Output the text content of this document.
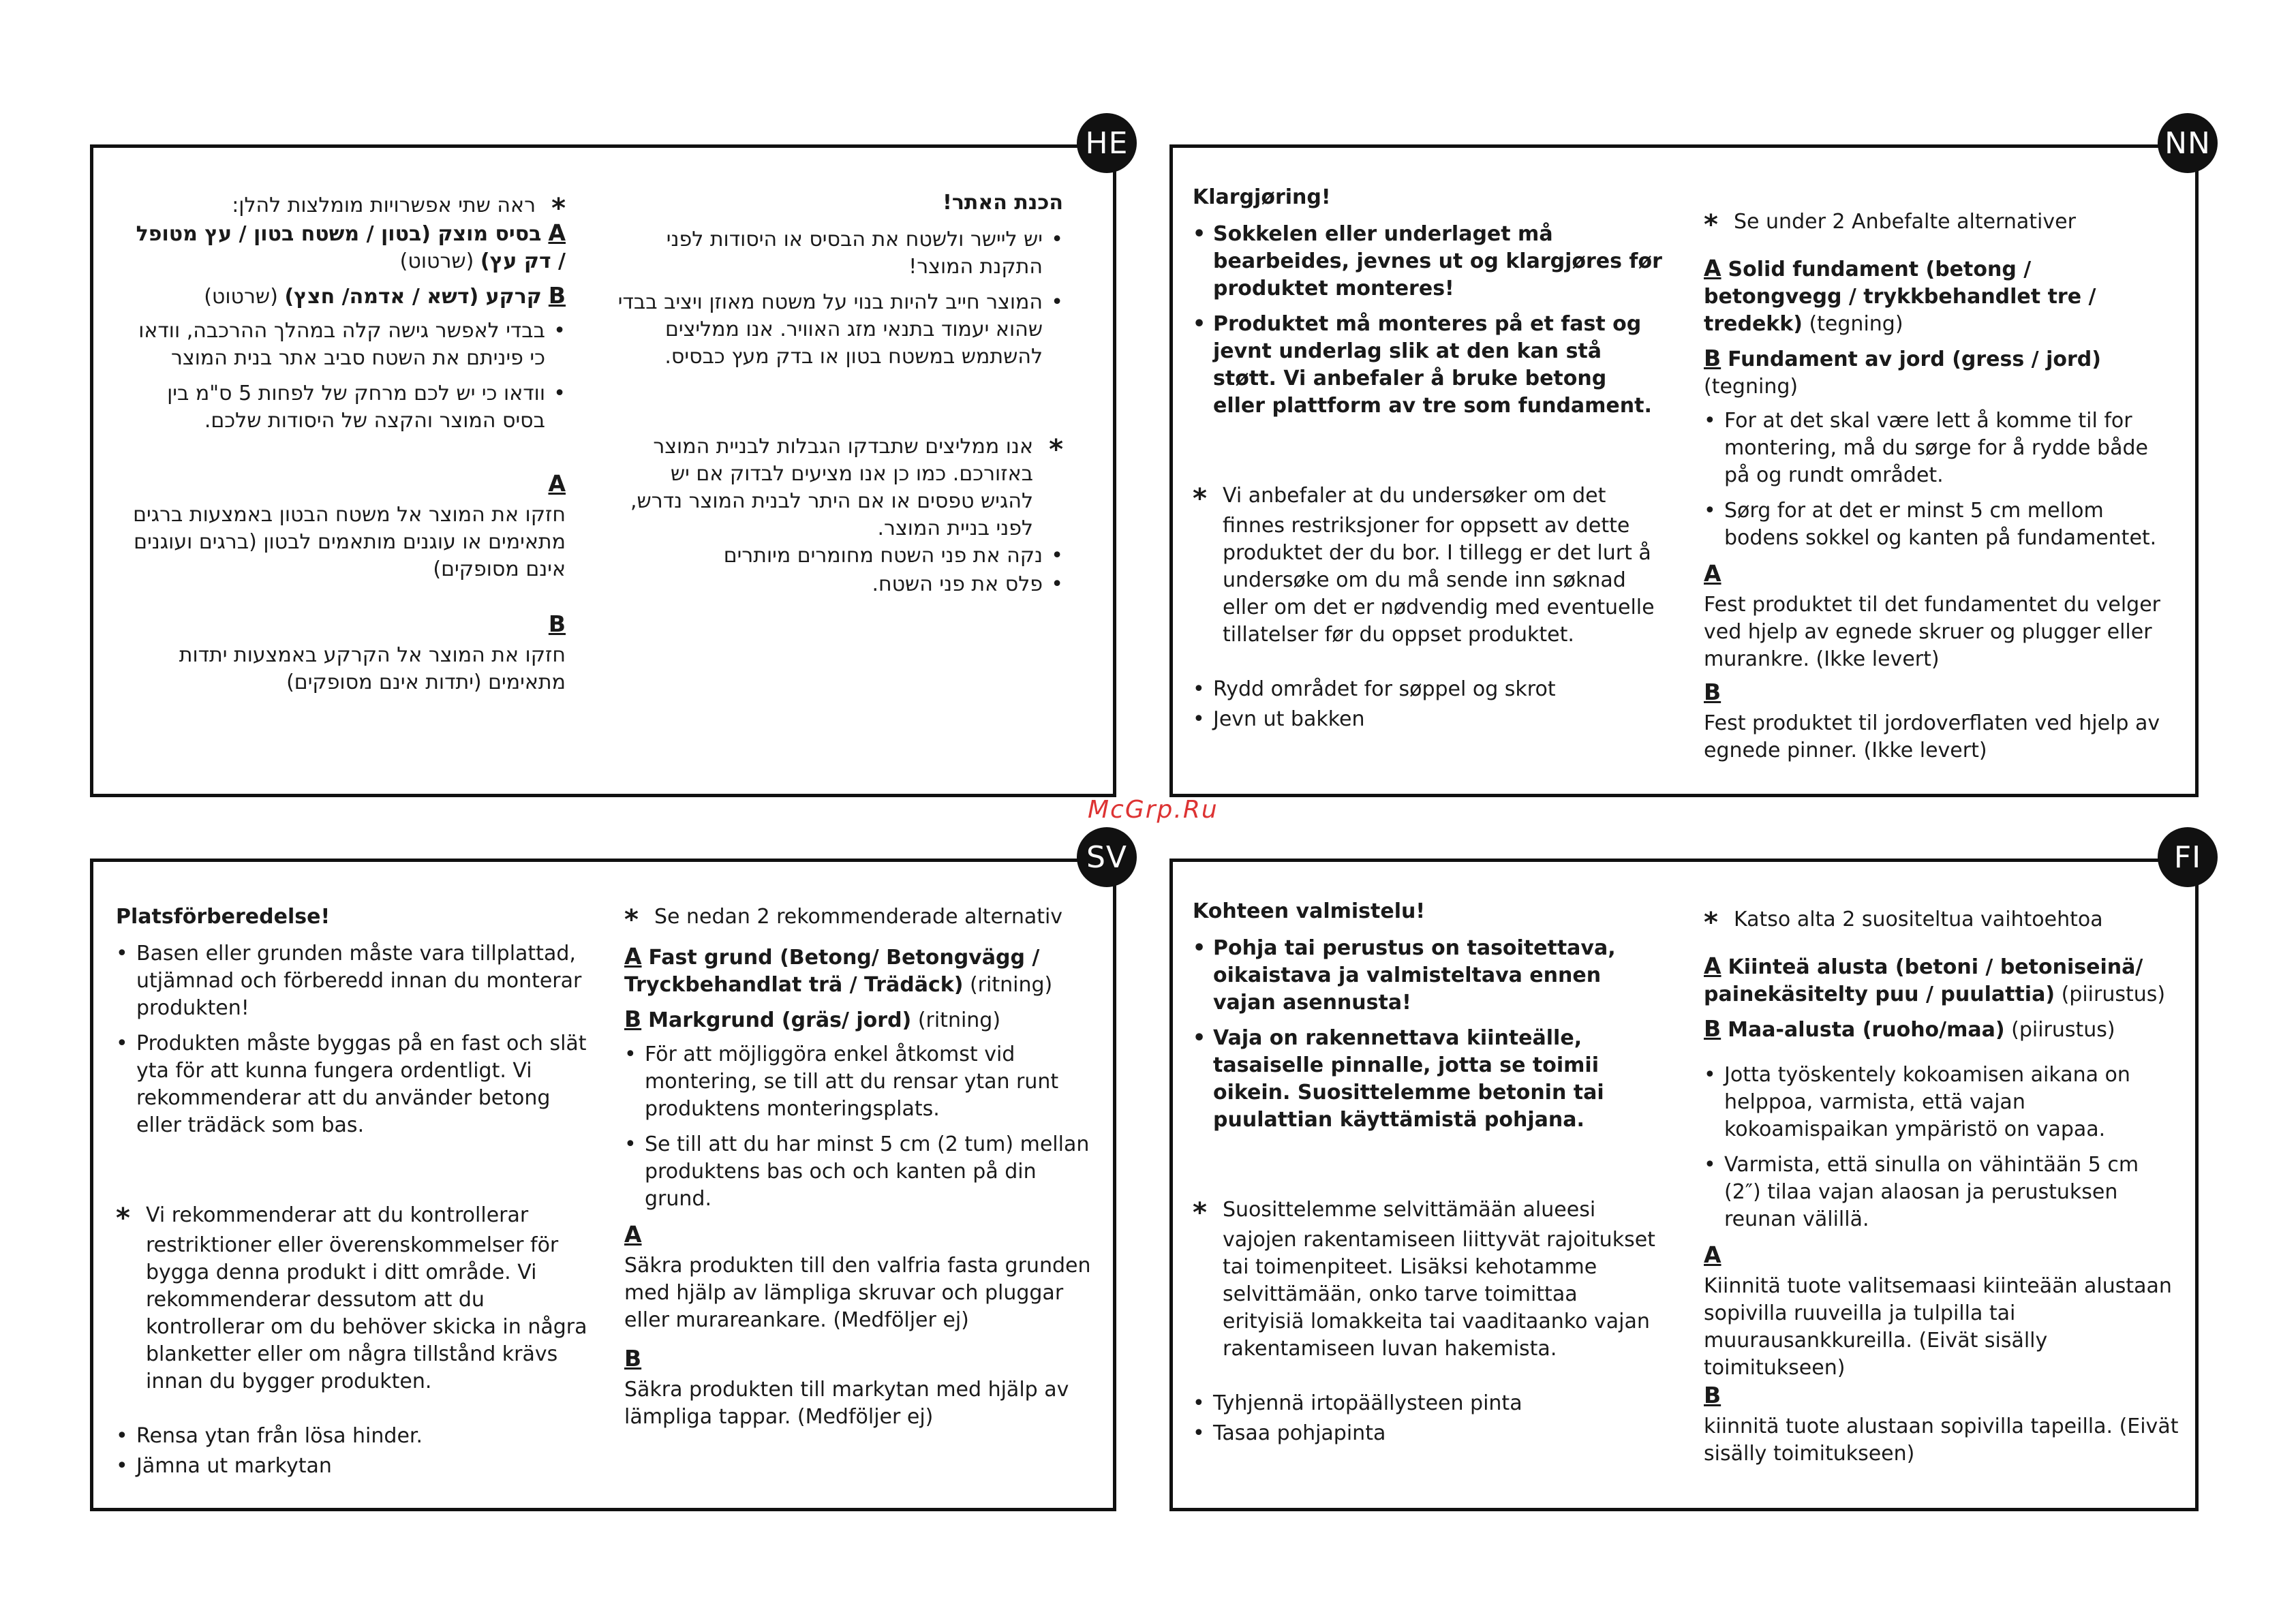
HE

*
ראה שתי אפשרויות מומלצות להלן:

Aבסיס מוצק (בטון / משטח בטון / עץ מטופל / דק עץ) (שרטוט)

Bקרקע (דשא / אדמה/ חצץ) (שרטוט)

•
בבדי לאפשר גישה קלה במהלך ההרכבה, וודאו כי פיניתם את השטח סביב אתר בנית המוצר

•
וודאו כי יש לכם מרחק של לפחות 5 ס"מ בין בסיס המוצר והקצה של היסודות שלכם.

A

חזקו את המוצר אל משטח הבטון באמצעות ברגים מתאימים או עוגנים מותאמים לבטון (ברגים ועוגנים אינם מסופקים)

B

חזקו את המוצר אל הקרקע באמצעות יתדות מתאימים (יתדות אינם מסופקים)

הכנת האתר!

•
יש ליישר ולשטח את הבסיס או היסודות לפני התקנת המוצר!

•
המוצר חייב להיות בנוי על משטח מאוזן ויציב בבדי שהוא יעמוד בתנאי מזג האוויר. אנו ממליצים להשתמש במשטח בטון או בדק מעץ כבסיס.

*
אנו ממליצים שתבדקו הגבלות לבניית המוצר באזורכם. כמו כן אנו מציעים לבדוק אם יש להגיש טפסים או אם היתר לבנית המוצר נדרש, לפני בניית המוצר.

•
נקה את פני השטח מחומרים מיותרים

•
פלס את פני השטח.

NN

Klargjøring!

• Sokkelen eller underlaget må bearbeides, jevnes ut og klargjøres før produktet monteres!

• Produktet må monteres på et fast og jevnt underlag slik at den kan stå støtt. Vi anbefaler å bruke betong eller plattform av tre som fundament.

* Vi anbefaler at du undersøker om det finnes restriksjoner for oppsett av dette produktet der du bor. I tillegg er det lurt å undersøke om du må sende inn søknad eller om det er nødvendig med eventuelle tillatelser før du oppset produktet.

• Rydd området for søppel og skrot

• Jevn ut bakken

* Se under 2 Anbefalte alternativer

A Solid fundament (betong / betongvegg / trykkbehandlet tre / tredekk) (tegning)

B Fundament av jord (gress / jord) (tegning)

• For at det skal være lett å komme til for montering, må du sørge for å rydde både på og rundt området.

• Sørg for at det er minst 5 cm mellom bodens sokkel og kanten på fundamentet.

A

Fest produktet til det fundamentet du velger ved hjelp av egnede skruer og plugger eller murankre. (Ikke levert)

B

Fest produktet til jordoverflaten ved hjelp av egnede pinner. (Ikke levert)

McGrp.Ru
SV

Platsförberedelse!

• Basen eller grunden måste vara tillplattad, utjämnad och förberedd innan du monterar produkten!

• Produkten måste byggas på en fast och slät yta för att kunna fungera ordentligt. Vi rekommenderar att du använder betong eller trädäck som bas.

* Vi rekommenderar att du kontrollerar restriktioner eller överenskommelser för bygga denna produkt i ditt område. Vi rekommenderar dessutom att du kontrollerar om du behöver skicka in några blanketter eller om några tillstånd krävs innan du bygger produkten.

• Rensa ytan från lösa hinder.

• Jämna ut markytan

* Se nedan 2 rekommenderade alternativ

A Fast grund (Betong/ Betongvägg / Tryckbehandlat trä / Trädäck) (ritning)

B Markgrund (gräs/ jord) (ritning)

• För att möjliggöra enkel åtkomst vid montering, se till att du rensar ytan runt produktens monteringsplats.

• Se till att du har minst 5 cm (2 tum) mellan produktens bas och och kanten på din grund.

A

Säkra produkten till den valfria fasta grunden med hjälp av lämpliga skruvar och pluggar eller murareankare. (Medföljer ej)

B

Säkra produkten till markytan med hjälp av lämpliga tappar. (Medföljer ej)

FI

Kohteen valmistelu!

• Pohja tai perustus on tasoitettava, oikaistava ja valmisteltava ennen vajan asennusta!

• Vaja on rakennettava kiinteälle, tasaiselle pinnalle, jotta se toimii oikein. Suosittelemme betonin tai puulattian käyttämistä pohjana.

* Suosittelemme selvittämään alueesi vajojen rakentamiseen liittyvät rajoitukset tai toimenpiteet. Lisäksi kehotamme selvittämään, onko tarve toimittaa erityisiä lomakkeita tai vaaditaanko vajan rakentamiseen luvan hakemista.

• Tyhjennä irtopäällysteen pinta

• Tasaa pohjapinta

* Katso alta 2 suositeltua vaihtoehtoa

A Kiinteä alusta (betoni / betoniseinä/ painekäsitelty puu / puulattia) (piirustus)

B Maa-alusta (ruoho/maa) (piirustus)

• Jotta työskentely kokoamisen aikana on helppoa, varmista, että vajan kokoamispaikan ympäristö on vapaa.

• Varmista, että sinulla on vähintään 5 cm (2″) tilaa vajan alaosan ja perustuksen reunan välillä.

A

Kiinnitä tuote valitsemaasi kiinteään alustaan sopivilla ruuveilla ja tulpilla tai muurausankkureilla. (Eivät sisälly toimitukseen)

B

kiinnitä tuote alustaan sopivilla tapeilla. (Eivät sisälly toimitukseen)
